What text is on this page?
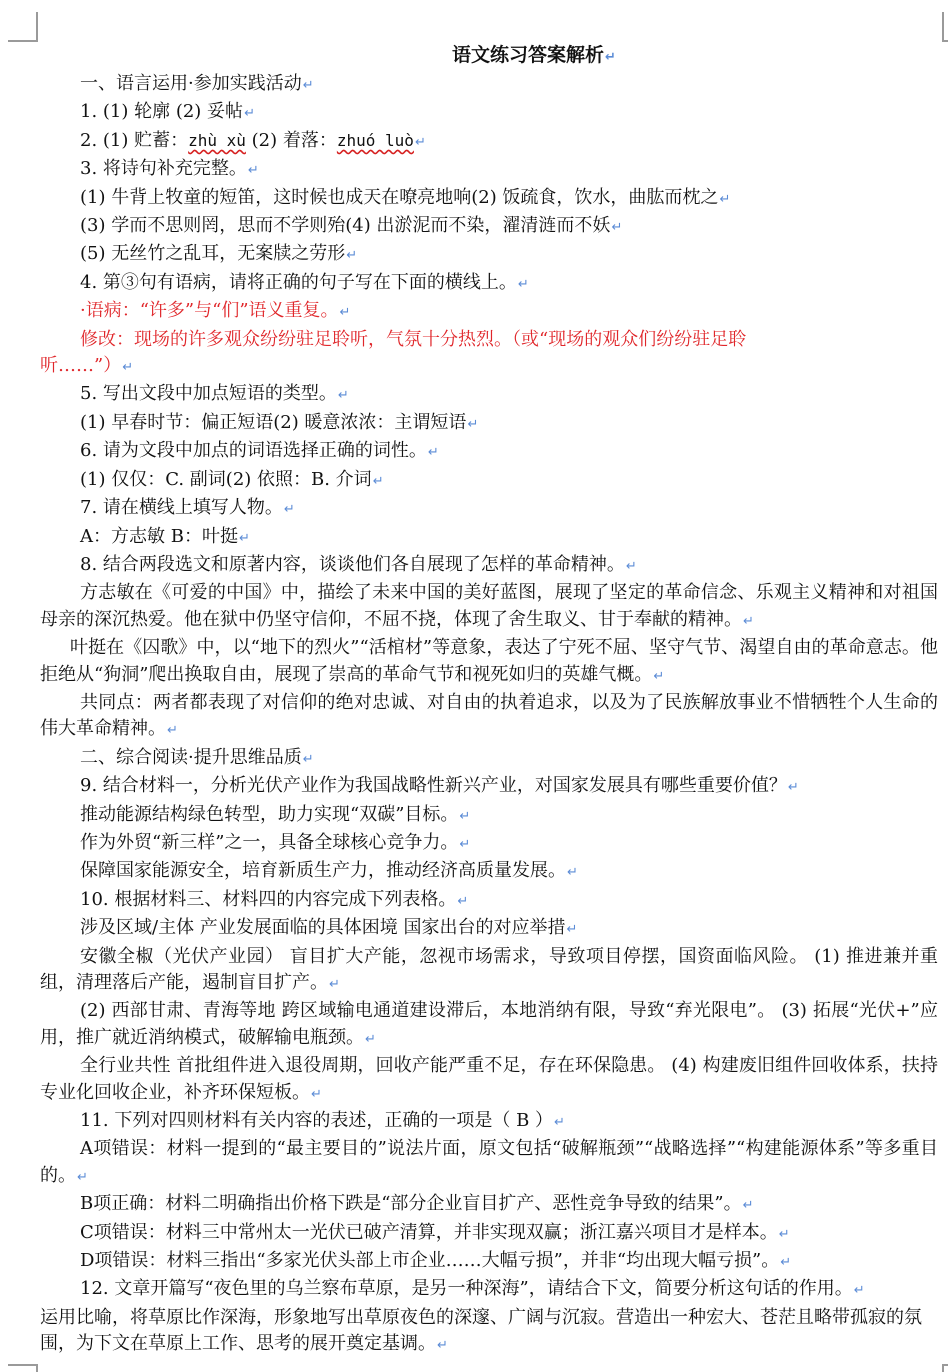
语文练习答案解析↵
一、语言运用·参加实践活动↵
1. (1) 轮廓 (2) 妥帖↵
2. (1) 贮蓄：zhù xù (2) 着落：zhuó luò↵
3. 将诗句补充完整。↵
(1) 牛背上牧童的短笛，这时候也成天在嘹亮地响(2) 饭疏食，饮水，曲肱而枕之↵
(3) 学而不思则罔，思而不学则殆(4) 出淤泥而不染，濯清涟而不妖↵
(5) 无丝竹之乱耳，无案牍之劳形↵
4. 第③句有语病，请将正确的句子写在下面的横线上。↵
·语病：“许多”与“们”语义重复。↵
修改：现场的许多观众纷纷驻足聆听，气氛十分热烈。（或“现场的观众们纷纷驻足聆
听……”）↵
5. 写出文段中加点短语的类型。↵
(1) 早春时节：偏正短语(2) 暖意浓浓：主谓短语↵
6. 请为文段中加点的词语选择正确的词性。↵
(1) 仅仅：C. 副词(2) 依照：B. 介词↵
7. 请在横线上填写人物。↵
A：方志敏 B：叶挺↵
8. 结合两段选文和原著内容，谈谈他们各自展现了怎样的革命精神。↵
方志敏在《可爱的中国》中，描绘了未来中国的美好蓝图，展现了坚定的革命信念、乐观主义精神和对祖国母亲的深沉热爱。他在狱中仍坚守信仰，不屈不挠，体现了舍生取义、甘于奉献的精神。↵
叶挺在《囚歌》中，以“地下的烈火”“活棺材”等意象，表达了宁死不屈、坚守气节、渴望自由的革命意志。他拒绝从“狗洞”爬出换取自由，展现了崇高的革命气节和视死如归的英雄气概。↵
共同点：两者都表现了对信仰的绝对忠诚、对自由的执着追求，以及为了民族解放事业不惜牺牲个人生命的伟大革命精神。↵
二、综合阅读·提升思维品质↵
9. 结合材料一，分析光伏产业作为我国战略性新兴产业，对国家发展具有哪些重要价值？↵
推动能源结构绿色转型，助力实现“双碳”目标。↵
作为外贸“新三样”之一，具备全球核心竞争力。↵
保障国家能源安全，培育新质生产力，推动经济高质量发展。↵
10. 根据材料三、材料四的内容完成下列表格。↵
涉及区域/主体 产业发展面临的具体困境 国家出台的对应举措↵
安徽全椒（光伏产业园） 盲目扩大产能，忽视市场需求，导致项目停摆，国资面临风险。 (1) 推进兼并重组，清理落后产能，遏制盲目扩产。↵
(2) 西部甘肃、青海等地 跨区域输电通道建设滞后，本地消纳有限，导致“弃光限电”。 (3) 拓展“光伏+”应用，推广就近消纳模式，破解输电瓶颈。↵
全行业共性 首批组件进入退役周期，回收产能严重不足，存在环保隐患。 (4) 构建废旧组件回收体系，扶持专业化回收企业，补齐环保短板。↵
11. 下列对四则材料有关内容的表述，正确的一项是（ B ）↵
A项错误：材料一提到的“最主要目的”说法片面，原文包括“破解瓶颈”“战略选择”“构建能源体系”等多重目的。↵
B项正确：材料二明确指出价格下跌是“部分企业盲目扩产、恶性竞争导致的结果”。↵
C项错误：材料三中常州太一光伏已破产清算，并非实现双赢；浙江嘉兴项目才是样本。↵
D项错误：材料三指出“多家光伏头部上市企业……大幅亏损”，并非“均出现大幅亏损”。↵
12. 文章开篇写“夜色里的乌兰察布草原，是另一种深海”，请结合下文，简要分析这句话的作用。↵
运用比喻，将草原比作深海，形象地写出草原夜色的深邃、广阔与沉寂。营造出一种宏大、苍茫且略带孤寂的氛围，为下文在草原上工作、思考的展开奠定基调。↵
